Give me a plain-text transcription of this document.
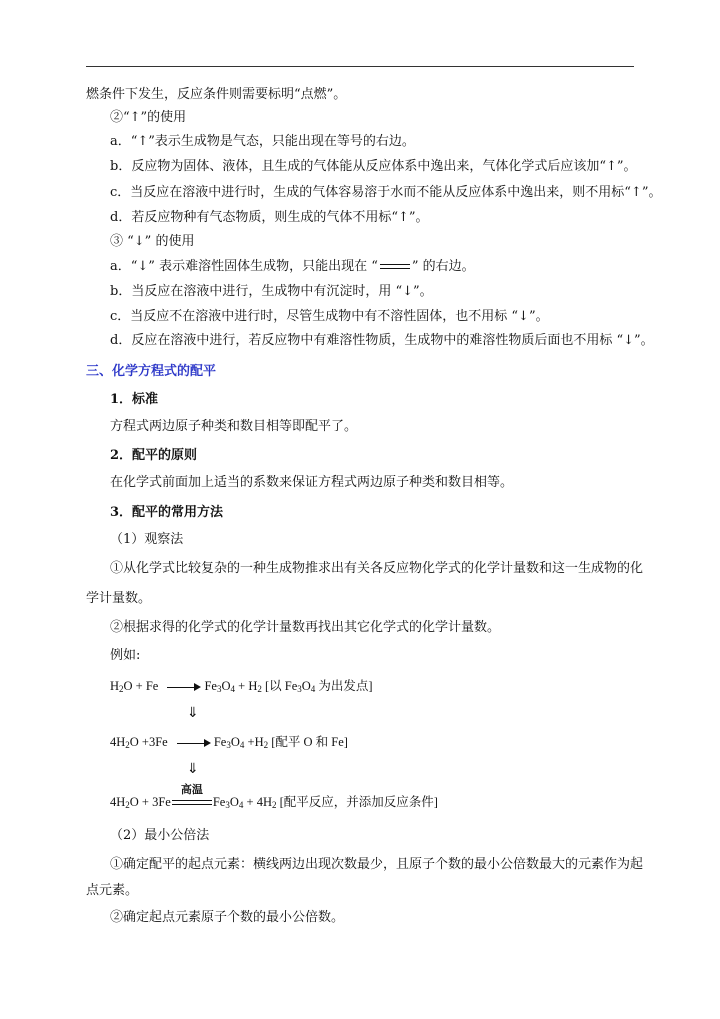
燃条件下发生，反应条件则需要标明“点燃”。
②“↑”的使用
a．“↑”表示生成物是气态，只能出现在等号的右边。
b．反应物为固体、液体，且生成的气体能从反应体系中逸出来，气体化学式后应该加“↑”。
c．当反应在溶液中进行时，生成的气体容易溶于水而不能从反应体系中逸出来，则不用标“↑”。
d．若反应物种有气态物质，则生成的气体不用标“↑”。
③ “↓” 的使用
a．“↓” 表示难溶性固体生成物，只能出现在 “	” 的右边。
b．当反应在溶液中进行，生成物中有沉淀时，用 “↓”。
c．当反应不在溶液中进行时，尽管生成物中有不溶性固体，也不用标 “↓”。
d．反应在溶液中进行，若反应物中有难溶性物质，生成物中的难溶性物质后面也不用标 “↓”。
三、化学方程式的配平
1．标准
方程式两边原子种类和数目相等即配平了。
2．配平的原则
在化学式前面加上适当的系数来保证方程式两边原子种类和数目相等。
3．配平的常用方法
（1）观察法
①从化学式比较复杂的一种生成物推求出有关各反应物化学式的化学计量数和这一生成物的化
学计量数。
②根据求得的化学式的化学计量数再找出其它化学式的化学计量数。
例如:
$H_2O + Fe$	$Fe_3O_4 + H_2$ [以 $Fe_3O_4$ 为出发点]
⇓
$4H_2O +3Fe$	$Fe_3O_4 +H_2$ [配平 O 和 Fe]
⇓
$4H_2O + 3Fe$
高温
$Fe_3O_4 + 4H_2$ [配平反应，并添加反应条件]
（2）最小公倍法
①确定配平的起点元素：横线两边出现次数最少，且原子个数的最小公倍数最大的元素作为起
点元素。
②确定起点元素原子个数的最小公倍数。
